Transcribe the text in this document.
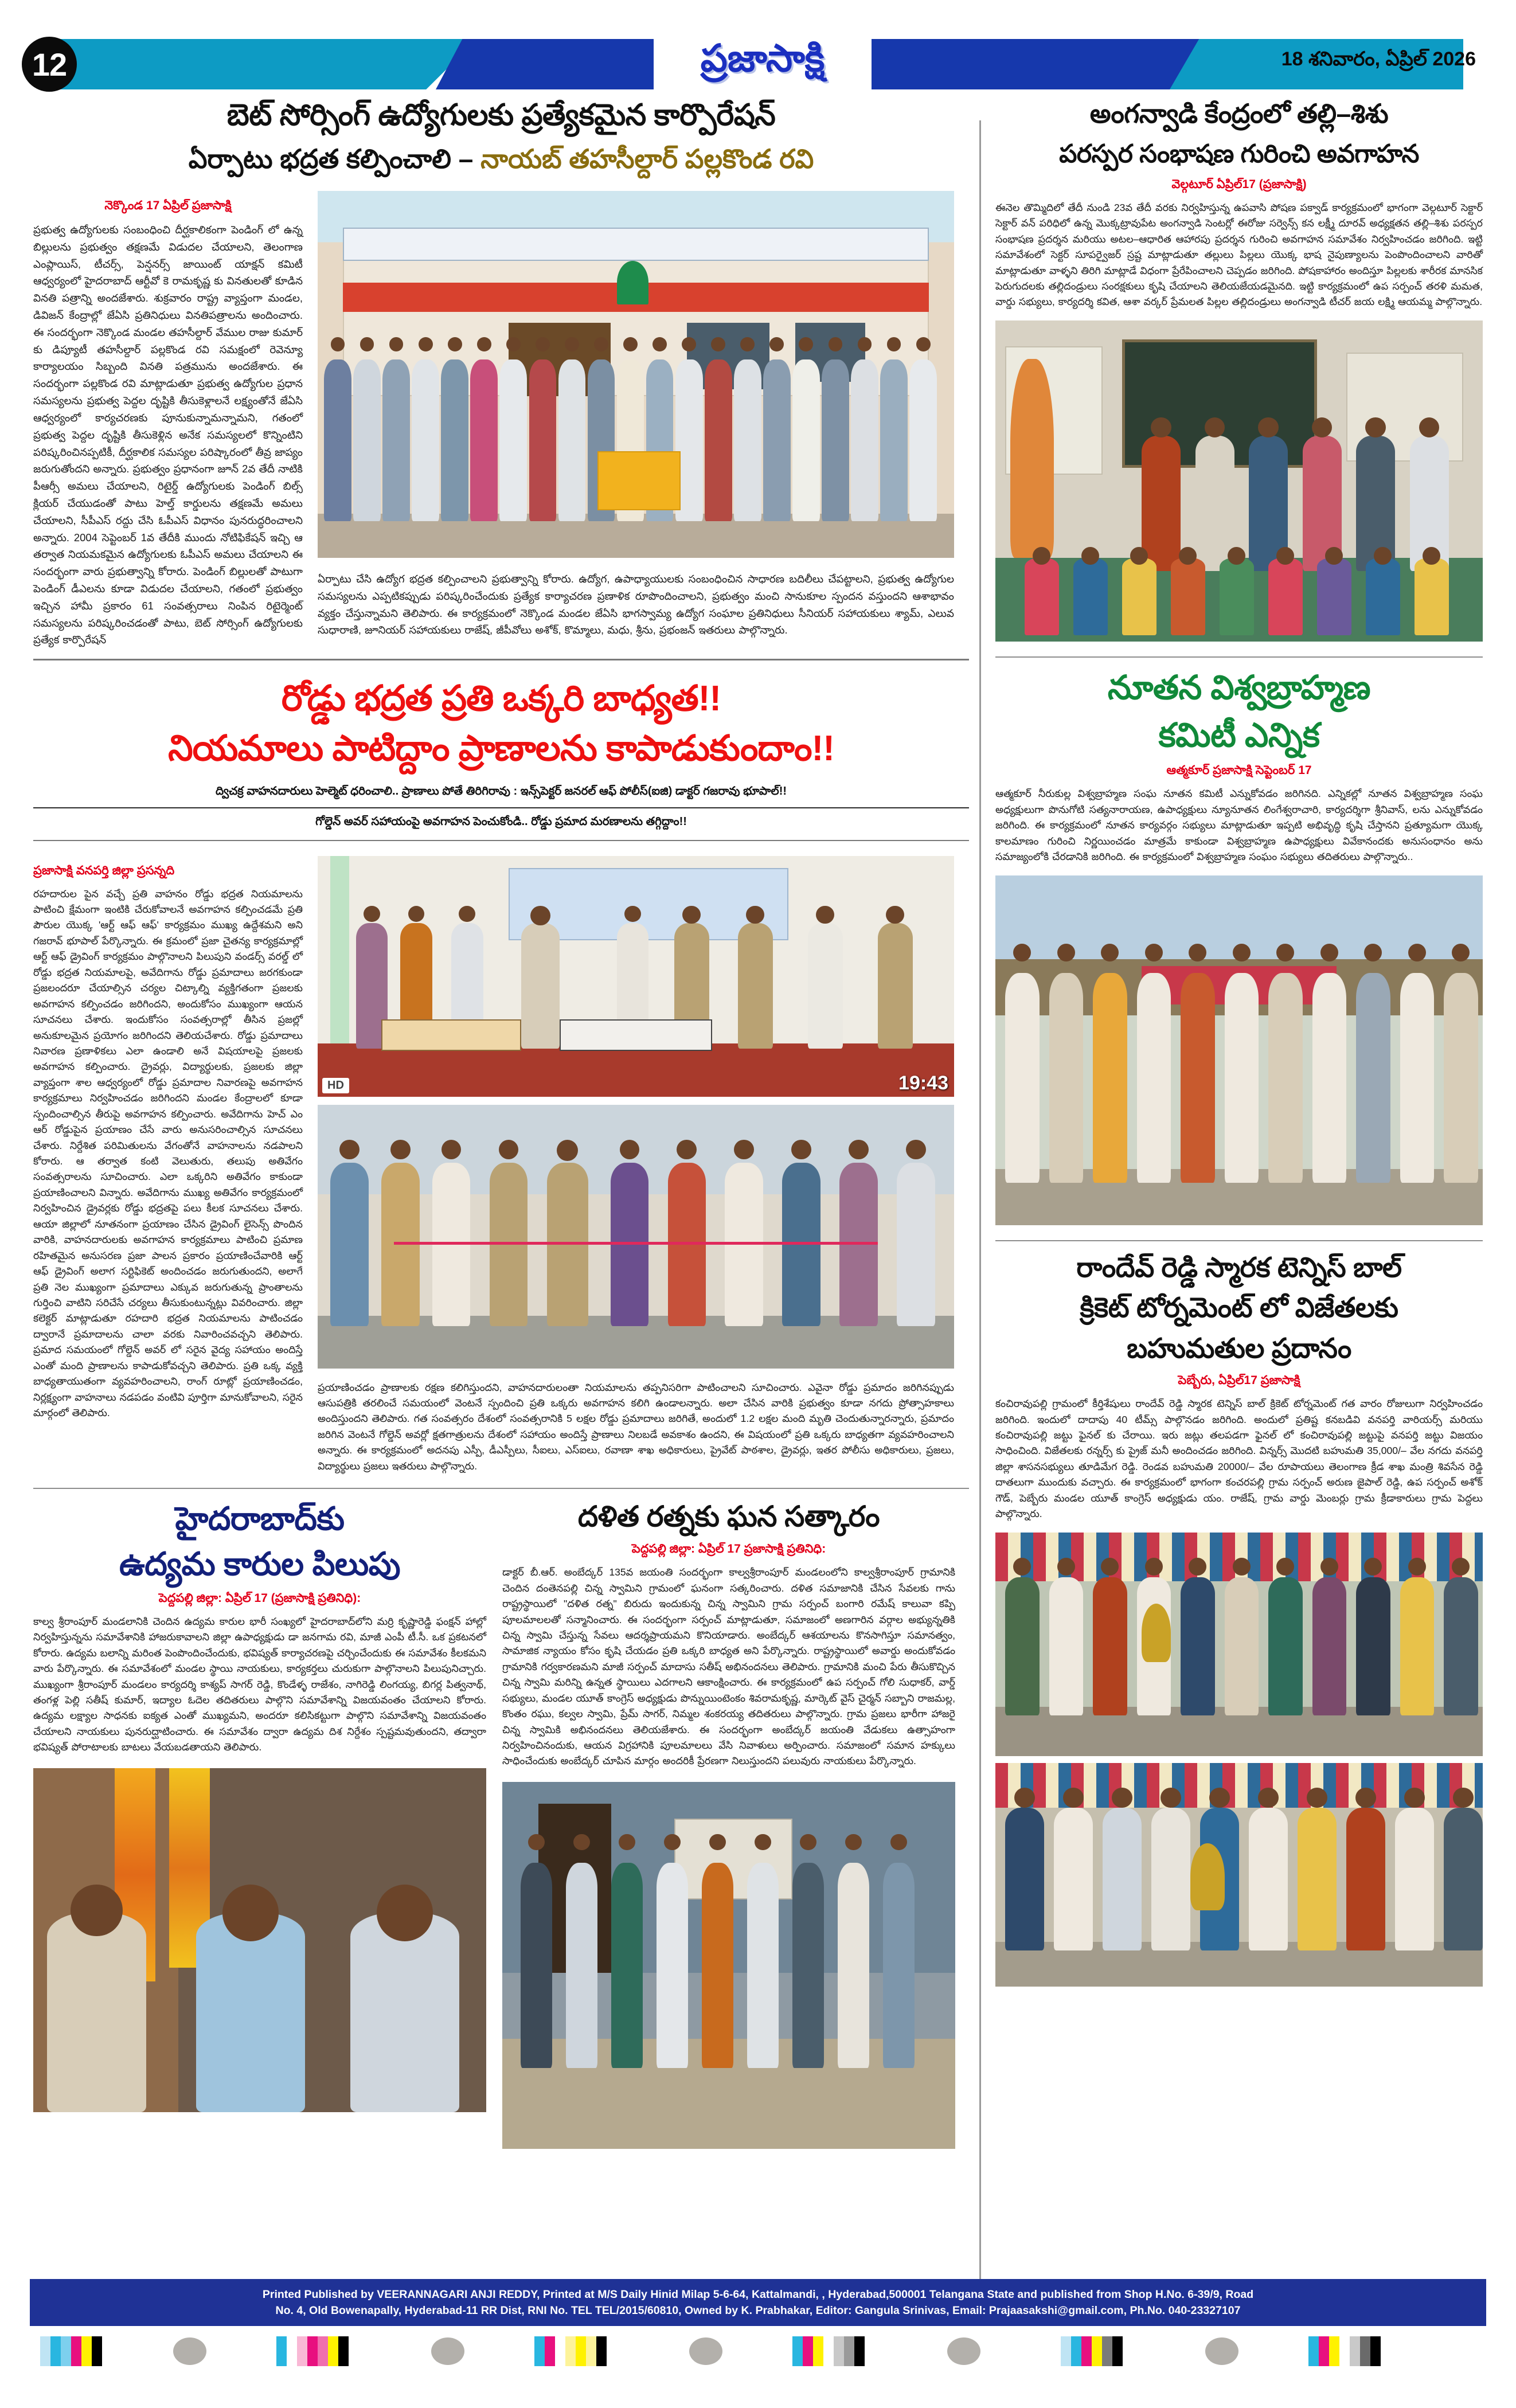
12	ప్రజాసాక్షి	18 శనివారం, ఏప్రిల్ 2026
బెట్ సోర్సింగ్ ఉద్యోగులకు ప్రత్యేకమైన కార్పొరేషన్
ఏర్పాటు భద్రత కల్పించాలి – నాయబ్ తహసీల్దార్ పల్లకొండ రవి
నెక్కొండ 17 ఏప్రిల్ ప్రజాసాక్షి
ప్రభుత్వ ఉద్యోగులకు సంబంధించి దీర్ఘకాలికంగా పెండింగ్ లో ఉన్న బిల్లులను ప్రభుత్వం తక్షణమే విడుదల చేయాలని, తెలంగాణ ఎంప్లాయిస్, టీచర్స్, పెన్షనర్స్ జాయింట్ యాక్షన్ కమిటీ ఆధ్వర్యంలో హైదరాబాద్ ఆర్టీవో కె రామకృష్ణ కు వినతులతో కూడిన వినతి పత్రాన్ని అందజేశారు. శుక్రవారం రాష్ట్ర వ్యాప్తంగా మండల, డివిజన్ కేంద్రాల్లో జేఏసి ప్రతినిధులు వినతిపత్రాలను అందించారు. ఈ సందర్భంగా నెక్కొండ మండల తహసీల్దార్ వేముల రాజు కుమార్ కు డిప్యూటీ తహసీల్దార్ పల్లకొండ రవి సమక్షంలో రెవెన్యూ కార్యాలయం సిబ్బంది వినతి పత్రమును అందజేశారు. ఈ సందర్భంగా పల్లకొండ రవి మాట్లాడుతూ ప్రభుత్వ ఉద్యోగుల ప్రధాన సమస్యలను ప్రభుత్వ పెద్దల దృష్టికి తీసుకెళ్లాలనే లక్ష్యంతోనే జేఏసి ఆధ్వర్యంలో కార్యచరణకు పూనుకున్నామన్నామని, గతంలో ప్రభుత్వ పెద్దల దృష్టికి తీసుకెళ్లిన అనేక సమస్యలలో కొన్నింటిని పరిష్కరించినప్పటికీ, దీర్ఘకాలిక సమస్యల పరిష్కారంలో తీవ్ర జాప్యం జరుగుతోందని అన్నారు. ప్రభుత్వం ప్రధానంగా జూన్ 2వ తేదీ నాటికి పీఆర్సీ అమలు చేయాలని, రిటైర్డ్ ఉద్యోగులకు పెండింగ్ బిల్స్ క్లియర్ చేయుడంతో పాటు హెల్త్ కార్డులను తక్షణమే అమలు చేయాలని, సీపీఎస్ రద్దు చేసి ఓపీఎస్ విధానం పునరుద్ధరించాలని అన్నారు. 2004 సెప్టెంబర్ 1వ తేదీకి ముందు నోటిఫికేషన్ ఇచ్చి ఆ తర్వాత నియమకమైన ఉద్యోగులకు ఓపీఎస్ అమలు చేయాలని ఈ సందర్భంగా వారు ప్రభుత్వాన్ని కోరారు. పెండింగ్ బిల్లులతో పాటుగా పెండింగ్ డీఎలను కూడా విడుదల చేయాలని, గతంలో ప్రభుత్వం ఇచ్చిన హామీ ప్రకారం 61 సంవత్సరాలు నింపిన రిటైర్మెంట్ సమస్యలను పరిష్కరించడంతో పాటు, బెట్ సోర్సింగ్ ఉద్యోగులకు ప్రత్యేక కార్పొరేషన్
ఏర్పాటు చేసి ఉద్యోగ భద్రత కల్పించాలని ప్రభుత్వాన్ని కోరారు. ఉద్యోగ, ఉపాధ్యాయులకు సంబంధించిన సాధారణ బదిలీలు చేపట్టాలని, ప్రభుత్వ ఉద్యోగుల సమస్యలను ఎప్పటికప్పుడు పరిష్కరించేందుకు ప్రత్యేక కార్యాచరణ ప్రణాళిక రూపొందించాలని, ప్రభుత్వం మంచి సానుకూల స్పందన వస్తుందని ఆశాభావం వ్యక్తం చేస్తున్నామని తెలిపారు. ఈ కార్యక్రమంలో నెక్కొండ మండల జేఏసి భాగస్వామ్య ఉద్యోగ సంఘాల ప్రతినిధులు సీనియర్ సహాయకులు శ్యామ్, ఎలువ సుధారాణి, జూనియర్ సహాయకులు రాజేష్, జీపీవోలు అశోక్, కొమ్మాలు, మధు, శ్రీను, ప్రభంజన్ ఇతరులు పాల్గొన్నారు.
రోడ్డు భద్రత ప్రతి ఒక్కరి బాధ్యత!!
నియమాలు పాటిద్దాం ప్రాణాలను కాపాడుకుందాం!!
ద్విచక్ర వాహనదారులు హెల్మెట్ ధరించాలి.. ప్రాణాలు పోతే తిరిగిరావు : ఇన్స్‌పెక్టర్ జనరల్ ఆఫ్ పోలీస్(ఐజి) డాక్టర్ గజరావు భూపాల్!!
గోల్డెన్ అవర్ సహాయంపై అవగాహన పెంచుకోండి.. రోడ్డు ప్రమాద మరణాలను తగ్గిద్దాం!!
ప్రజాసాక్షి వనపర్తి జిల్లా ప్రసన్నది
రహదారుల పైన వచ్చే ప్రతి వాహనం రోడ్డు భద్రత నియమాలను పాటించి క్షేమంగా ఇంటికి చేరుకోవాలనే అవగాహన కల్పించడమే ప్రతి పౌరుల యొక్క 'ఆర్ట్ ఆఫ్ ఆఫ్' కార్యక్రమం ముఖ్య ఉద్దేశమని అని గజరావ్ భూపాల్ పేర్కొన్నారు. ఈ క్రమంలో ప్రజా చైతన్య కార్యక్రమాల్లో ఆర్ట్ ఆఫ్ డ్రైవింగ్ కార్యక్రమం పాల్గొనాలని పిలుపుని వండర్స్ వరల్డ్ లో రోడ్డు భద్రత నియమాలపై, అవేదిగాను రోడ్డు ప్రమాదాలు జరగకుండా ప్రజలందరూ చేయాల్సిన చర్యల చిట్కాల్ని వ్యక్తిగతంగా ప్రజలకు అవగాహన కల్పించడం జరిగిందని, అందుకోసం ముఖ్యంగా ఆయన సూచనలు చేశారు. ఇందుకోసం సంవత్సరాల్లో తీసిన ప్రజల్లో అనుకూలమైన ప్రయోగం జరిగిందని తెలియచేశారు. రోడ్డు ప్రమాదాలు నివారణ ప్రణాళికలు ఎలా ఉండాలి అనే విషయాలపై ప్రజలకు అవగాహన కల్పించారు. ద్రైవర్లు, విద్యార్థులకు, ప్రజలకు జిల్లా వ్యాప్తంగా శాల ఆధ్వర్యంలో రోడ్డు ప్రమాదాల నివారణపై అవగాహన కార్యక్రమాలు నిర్వహించడం జరిగిందని మండల కేంద్రాలలో కూడా స్పందించాల్సిన తీరుపై అవగాహన కల్పించారు. అవేదిగాను హెచ్ ఎం ఆర్ రోడ్డుపైన ప్రయాణం చేసే వారు అనుసరించాల్సిన సూచనలు చేశారు. నిర్దేశిత పరిమితులను వేగంతోనే వాహనాలను నడపాలని కోరారు. ఆ తర్వాత కంటి వెలుతురు, తలుపు అతివేగం సంవత్సరాలను సూచించారు. ఎలా ఒక్కరిని అతివేగం కాకుండా ప్రయాణించాలని విన్నారు. అవేదిగాను ముఖ్య అతివేగం కార్యక్రమంలో నిర్వహించిన డ్రైవర్లకు రోడ్డు భద్రతపై పలు కీలక సూచనలు చేశారు. ఆయా జిల్లాలో నూతనంగా ప్రయాణం చేసిన డ్రైవింగ్ లైసెన్స్ పొందిన వారికి, వాహనదారులకు అవగాహన కార్యక్రమాలు పాటించి ప్రమాణ రహితమైన అనుసరణ ప్రజా పాలన ప్రకారం ప్రయాణించేవారికి ఆర్ట్ ఆఫ్ డ్రైవింగ్ అలాగ సర్టిఫికెట్ అందించడం జరుగుతుందని, అలాగే ప్రతి నెల ముఖ్యంగా ప్రమాదాలు ఎక్కువ జరుగుతున్న ప్రాంతాలను గుర్తించి వాటిని సరిచేసే చర్యలు తీసుకుంటున్నట్లు వివరించారు. జిల్లా కలెక్టర్ మాట్లాడుతూ రహదారి భద్రత నియమాలను పాటించడం ద్వారానే ప్రమాదాలను చాలా వరకు నివారించవచ్చని తెలిపారు. ప్రమాద సమయంలో గోల్డెన్ అవర్ లో సరైన వైద్య సహాయం అందిస్తే ఎంతో మంది ప్రాణాలను కాపాడుకోవచ్చని తెలిపారు. ప్రతి ఒక్క వ్యక్తి బాధ్యతాయుతంగా వ్యవహరించాలని, రాంగ్ రూట్లో ప్రయాణించడం, నిర్లక్ష్యంగా వాహనాలు నడపడం వంటివి పూర్తిగా మానుకోవాలని, సరైన మార్గంలో తెలిపారు.
HD	19:43
ప్రయాణించడం ప్రాణాలకు రక్షణ కలిగిస్తుందని, వాహనదారులంతా నియమాలను తప్పనిసరిగా పాటించాలని సూచించారు. ఎవైనా రోడ్డు ప్రమాదం జరిగినప్పుడు ఆసుపత్రికి తరలించే సమయంలో వెంటనే స్పందించి ప్రతి ఒక్కరు అవగాహన కలిగి ఉండాలన్నారు. అలా చేసిన వారికి ప్రభుత్వం కూడా నగదు ప్రోత్సాహకాలు అందిస్తుందని తెలిపారు. గత సంవత్సరం దేశంలో సంవత్సరానికి 5 లక్షల రోడ్డు ప్రమాదాలు జరిగితే, అందులో 1.2 లక్షల మంది మృతి చెందుతున్నారన్నారు, ప్రమాదం జరిగిన వెంటనే గోల్డెన్ అవర్లో క్షతగాత్రులను దేశంలో సహాయం అందిస్తే ప్రాణాలు నిలబడే అవకాశం ఉందని, ఈ విషయంలో ప్రతి ఒక్కరు బాధ్యతగా వ్యవహరించాలని అన్నారు. ఈ కార్యక్రమంలో అదనపు ఎస్పీ, డీఎస్పీలు, సీఐలు, ఎస్ఐలు, రవాణా శాఖ అధికారులు, ప్రైవేట్ పాఠశాల, డ్రైవర్లు, ఇతర పోలీసు అధికారులు, ప్రజలు, విద్యార్థులు ప్రజలు ఇతరులు పాల్గొన్నారు.
హైదరాబాద్‌కు
ఉద్యమ కారుల పిలుపు
పెద్దపల్లి జిల్లా: ఏప్రిల్ 17 (ప్రజాసాక్షి ప్రతినిధి):
కాల్వ శ్రీరాంపూర్ మండలానికి చెందిన ఉద్యమ కారుల భారీ సంఖ్యలో హైదరాబాద్‌లోని మర్రి కృష్ణారెడ్డి ఫంక్షన్ హాల్లో నిర్వహిస్తున్నను సమావేశానికి హాజరుకావాలని జిల్లా ఉపాధ్యక్షుడు డా జనగామ రవి, మాజీ ఎంపీ టీ.సీ. ఒక ప్రకటనలో కోరారు. ఉద్యమ బలాన్ని మరింత పెంపొందించేందుకు, భవిష్యత్ కార్యాచరణపై చర్చించేందుకు ఈ సమావేశం కీలకమని వారు పేర్కొన్నారు. ఈ సమావేశంలో మండల స్థాయి నాయకులు, కార్యకర్తలు చురుకుగా పాల్గొనాలని పిలుపునిచ్చారు. ముఖ్యంగా శ్రీరాంపూర్ మండలం కార్యదర్శి కాశ్యప్ సాగర్ రెడ్డి, కొండేళ్ళ రాజేశం, నాగిరెడ్డి లింగయ్య, బిగర్ల పిత్వనాథ్, తంగళ్ల పెల్లి సతీష్ కుమార్, ఇద్యాల ఓదెల తదితరులు పాల్గొని సమావేశాన్ని విజయవంతం చేయాలని కోరారు. ఉద్యమ లక్ష్యాల సాధనకు ఐక్యత ఎంతో ముఖ్యమని, అందరూ కలిసికట్టుగా పాల్గొని సమావేశాన్ని విజయవంతం చేయాలని నాయకులు పునరుద్ఘాటించారు. ఈ సమావేశం ద్వారా ఉద్యమ దిశ నిర్దేశం స్పష్టమవుతుందని, తద్వారా భవిష్యత్ పోరాటాలకు బాటలు వేయబడతాయని తెలిపారు.
దళిత రత్నకు ఘన సత్కారం
పెద్దపల్లి జిల్లా: ఏప్రిల్ 17 ప్రజాసాక్షి ప్రతినిధి:
డాక్టర్ బీ.ఆర్. అంబేద్కర్ 135వ జయంతి సందర్భంగా కాల్వశ్రీరాంపూర్ మండలంలోని కాల్వశ్రీరాంపూర్ గ్రామానికి చెందిన దంతెనపల్లి చిన్న స్వామిని గ్రామంలో ఘనంగా సత్కరించారు. దళిత సమాజానికి చేసిన సేవలకు గాను రాష్ట్రస్థాయిలో "దళిత రత్న" బిరుదు ఇందుకున్న చిన్న స్వామిని గ్రామ సర్పంచ్ బంగారి రమేష్ కాలువా కప్పి పూలమాలలతో సన్మానించారు. ఈ సందర్భంగా సర్పంచ్ మాట్లాడుతూ, సమాజంలో అణగారిన వర్గాల అభ్యున్నతికి చిన్న స్వామి చేస్తున్న సేవలు ఆదర్శప్రాయమని కొనియాడారు. అంబేద్కర్ ఆశయాలను కొనసాగిస్తూ సమానత్వం, సామాజిక న్యాయం కోసం కృషి చేయడం ప్రతి ఒక్కరి బాధ్యత అని పేర్కొన్నారు. రాష్ట్రస్థాయిలో అవార్డు అందుకోవడం గ్రామానికి గర్వకారణమని మాజీ సర్పంచ్ మాదాసు సతీష్ అభినందనలు తెలిపారు. గ్రామానికి మంచి పేరు తీసుకొచ్చిన చిన్న స్వామి మరిన్ని ఉన్నత స్థాయిలు ఎదగాలని ఆకాంక్షించారు. ఈ కార్యక్రమంలో ఉప సర్పంచ్ గోలి సుధాకర్, వార్డ్ సభ్యులు, మండల యూత్ కాంగ్రెస్ అధ్యక్షుడు పొన్నుయింటెంకం శివరామకృష్ణ, మార్కెట్ వైస్ చైర్మన్ సబ్బాని రాజమల్ల, కొంతం రఘు, కల్వల స్వామి, ప్రేమ్ సాగర్, నిమ్మల శంకరయ్య తదితరులు పాల్గొన్నారు. గ్రామ ప్రజలు భారీగా హాజరై చిన్న స్వామికి అభినందనలు తెలియజేశారు. ఈ సందర్భంగా అంబేద్కర్ జయంతి వేడుకలు ఉత్సాహంగా నిర్వహించినందుకు, ఆయన విగ్రహానికి పూలమాలలు వేసి నివాళులు అర్పించారు. సమాజంలో సమాన హక్కులు సాధించేందుకు అంబేద్కర్ చూపిన మార్గం అందరికీ ప్రేరణగా నిలుస్తుందని పలువురు నాయకులు పేర్కొన్నారు.
అంగన్వాడి కేంద్రంలో తల్లి–శిశు
పరస్పర సంభాషణ గురించి అవగాహన
వెల్గటూర్ ఏప్రిల్17 (ప్రజాసాక్షి)
ఈనెల తొమ్మిదిలో తేదీ నుండి 23వ తేదీ వరకు నిర్వహిస్తున్న ఉపవాసి పోషణ పక్వాడ్ కార్యక్రమంలో భాగంగా వెల్గటూర్ సెక్టార్ సెక్టార్ వన్ పరిధిలో ఉన్న మొక్కట్రావుపేట అంగన్వాడి సెంటర్లో ఈరోజు సర్వెన్స్ కన లక్ష్మీ దూరవ్ అధ్యక్షతన తల్లి–శిశు పరస్పర సంభాషణ ప్రదర్శన మరియు అటల–ఆధారిత ఆహారపు ప్రదర్శన గురించి అవగాహన సమావేశం నిర్వహించడం జరిగింది. ఇట్టి సమావేశంలో సెక్టర్ సూపర్వైజర్ స్రష్ట మాట్లాడుతూ తల్లులు పిల్లలు యొక్క భాష నైపుణ్యాలను పెంపొందించాలని వారితో మాట్లాడుతూ వాళ్ళని తిరిగి మాట్లాడే విధంగా ప్రేరేపించాలని చెప్పడం జరిగింది. పోషకాహారం అందిస్తూ పిల్లలకు శారీరక మానసిక పెరుగుదలకు తల్లిదండ్రులు సంరక్షకులు కృషి చేయాలని తెలియజేయడమైనది. ఇట్టి కార్యక్రమంలో ఉప సర్పంచ్ తరళి మమత, వార్డు సభ్యులు, కార్యదర్శి కవిత, ఆశా వర్కర్ ప్రేమలత పిల్లల తల్లిదండ్రులు అంగన్వాడి టీచర్ జయ లక్ష్మి ఆయమ్మ పాల్గొన్నారు.
నూతన విశ్వబ్రాహ్మణ
కమిటీ ఎన్నిక
ఆత్మకూర్ ప్రజాసాక్షి సెప్టెంబర్ 17
ఆత్మకూర్ నీరుకుల్ల విశ్వబ్రాహ్మణ సంఘ నూతన కమిటీ ఎన్నుకోవడం జరిగినది. ఎన్నికల్లో నూతన విశ్వబ్రాహ్మణ సంఘ అధ్యక్షులుగా పొనుగోటి సత్యనారాయణ, ఉపాధ్యక్షులు న్యూనూతన లింగేశ్వరాచారి, కార్యదర్శిగా శ్రీనివాస్, లను ఎన్నుకోవడం జరిగింది. ఈ కార్యక్రమంలో నూతన కార్యవర్గం సభ్యులు మాట్లాడుతూ ఇప్పటి అభివృద్ధి కృషి చేస్తానని ప్రత్యూమగా యొక్క కాలమాణం గురించి నిర్ణయించడం మాత్రమే కాకుండా విశ్వబ్రాహ్మణ ఉపాధ్యక్షులు వివేకానందకు అనుసంధానం అను సమాజ్యంలోకి చేరడానికి జరిగింది. ఈ కార్యక్రమంలో విశ్వబ్రాహ్మణ సంఘం సభ్యులు తదితరులు పాల్గొన్నారు..
రాందేవ్ రెడ్డి స్మారక టెన్నిస్ బాల్
క్రికెట్ టోర్నమెంట్ లో విజేతలకు
బహుమతుల ప్రదానం
పెబ్బేరు, ఏప్రిల్17 ప్రజాసాక్షి
కంచిరావుపల్లి గ్రామంలో కీర్తిశేషులు రాందేవ్ రెడ్డి స్మారక టెన్నిస్ బాల్ క్రికెట్ టోర్నమెంట్ గత వారం రోజులుగా నిర్వహించడం జరిగింది. ఇందులో దాదాపు 40 టీమ్స్ పాల్గొనడం జరిగింది. అందులో ప్రతిష్ట కనబడివి వనపర్తి వారియర్స్ మరియు కంచిరావుపల్లి జట్టు ఫైనల్ కు చేరాయి. ఇరు జట్లు తలపడగా ఫైనల్ లో కంచిరావుపల్లి జట్టుపై వనపర్తి జట్టు విజయం సాధించింది. విజేతలకు రన్నర్స్ కు ప్రైజ్ మనీ అందించడం జరిగింది. విన్నర్స్ మొదటి బహుమతి 35,000/– వేల నగదు వనపర్తి జిల్లా శాసనసభ్యులు తూడిమేగ రెడ్డి. రెండవ బహుమతి 20000/– వేల రూపాయలు తెలంగాణ క్రీడ శాఖ మంత్రి శివసేన రెడ్డి దాతలుగా ముందుకు వచ్చారు. ఈ కార్యక్రమంలో భాగంగా కంచరపల్లి గ్రామ సర్పంచ్ అరుణ జైపాల్ రెడ్డి, ఉప సర్పంచ్ అశోక్ గౌడ్, పెబ్బేరు మండల యూత్ కాంగ్రెస్ అధ్యక్షుడు యం. రాజేష్, గ్రామ వార్డు మెంబర్లు గ్రామ క్రీడాకారులు గ్రామ పెద్దలు పాల్గొన్నారు.
Printed Published by VEERANNAGARI ANJI REDDY, Printed at M/S Daily Hinid Milap 5-6-64, Kattalmandi, , Hyderabad,500001 Telangana State and published from Shop H.No. 6-39/9, Road
No. 4, Old Bowenapally, Hyderabad-11 RR Dist, RNI No. TEL TEL/2015/60810, Owned by K. Prabhakar, Editor: Gangula Srinivas, Email: Prajaasakshi@gmail.com, Ph.No. 040-23327107
